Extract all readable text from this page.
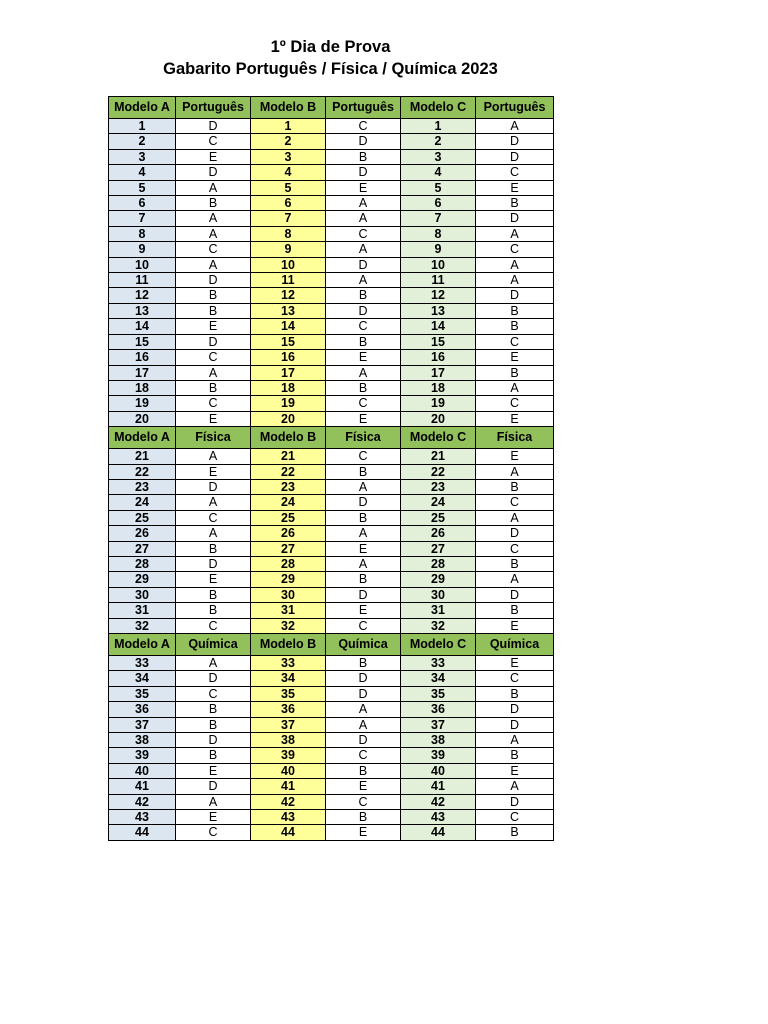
1º Dia de Prova
Gabarito Português / Física / Química 2023
Modelo A	Português	Modelo B	Português	Modelo C	Português
1	D	1	C	1	A
2	C	2	D	2	D
3	E	3	B	3	D
4	D	4	D	4	C
5	A	5	E	5	E
6	B	6	A	6	B
7	A	7	A	7	D
8	A	8	C	8	A
9	C	9	A	9	C
10	A	10	D	10	A
11	D	11	A	11	A
12	B	12	B	12	D
13	B	13	D	13	B
14	E	14	C	14	B
15	D	15	B	15	C
16	C	16	E	16	E
17	A	17	A	17	B
18	B	18	B	18	A
19	C	19	C	19	C
20	E	20	E	20	E
Modelo A	Física	Modelo B	Física	Modelo C	Física
21	A	21	C	21	E
22	E	22	B	22	A
23	D	23	A	23	B
24	A	24	D	24	C
25	C	25	B	25	A
26	A	26	A	26	D
27	B	27	E	27	C
28	D	28	A	28	B
29	E	29	B	29	A
30	B	30	D	30	D
31	B	31	E	31	B
32	C	32	C	32	E
Modelo A	Química	Modelo B	Química	Modelo C	Química
33	A	33	B	33	E
34	D	34	D	34	C
35	C	35	D	35	B
36	B	36	A	36	D
37	B	37	A	37	D
38	D	38	D	38	A
39	B	39	C	39	B
40	E	40	B	40	E
41	D	41	E	41	A
42	A	42	C	42	D
43	E	43	B	43	C
44	C	44	E	44	B
